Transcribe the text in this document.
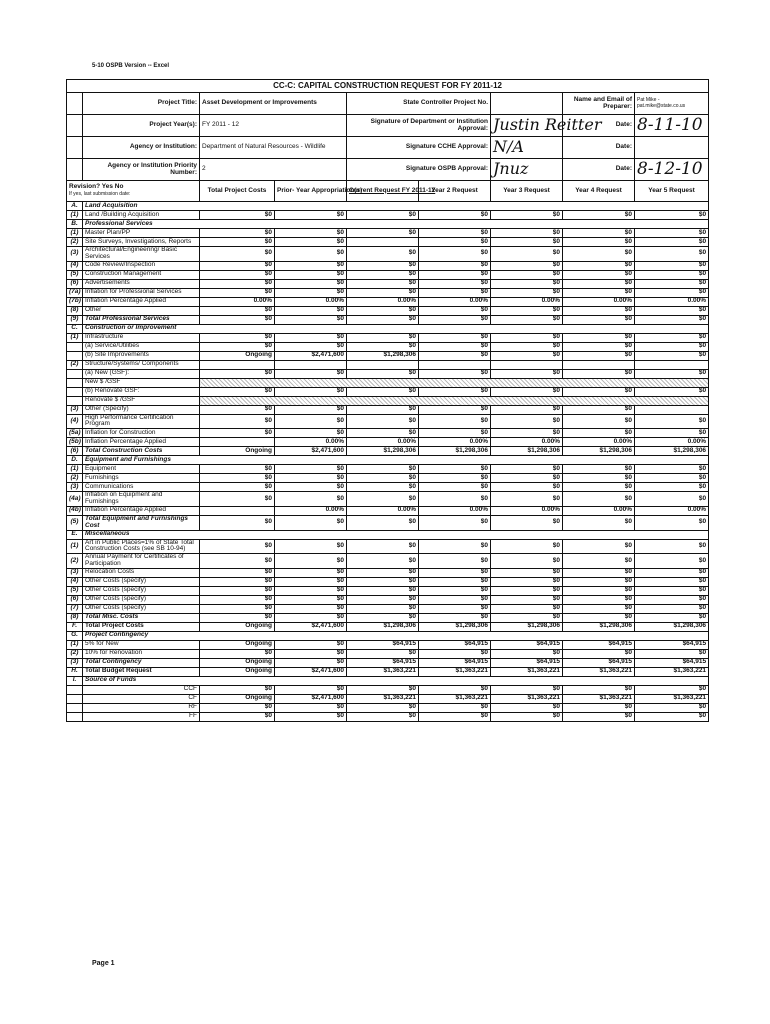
5-10 OSPB Version -- Excel
CC-C: CAPITAL CONSTRUCTION REQUEST FOR FY 2011-12								
	Project Title:	Asset Development or Improvements		State Controller Project No.			Name and Email of Preparer:	Pat Mike - pat.mike@state.co.us
	Project Year(s):	FY 2011 - 12		Signature of Department or Institution Approval:		Justin Reitter	Date:	8-11-10
	Agency or Institution:	Department of Natural Resources - Wildlife		Signature CCHE Approval:		N/A	Date:	
	Agency or Institution Priority Number:	2		Signature OSPB Approval:		Jnuz	Date:	8-12-10
Revision? Yes No
If yes, last submission date:		Total Project Costs	Prior- Year Appropriation(s)	Current Request FY 2011-12	Year 2 Request	Year 3 Request	Year 4 Request	Year 5 Request
A.	Land Acquisition							
(1)	Land /Building Acquisition	$0	$0	$0	$0	$0	$0	$0
B.	Professional Services							
(1)	Master Plan/PP	$0	$0	$0	$0	$0	$0	$0
(2)	Site Surveys, Investigations, Reports	$0	$0		$0	$0	$0	$0
(3)	Architectural/Engineering/ Basic Services	$0	$0	$0	$0	$0	$0	$0
(4)	Code Review/Inspection	$0	$0	$0	$0	$0	$0	$0
(5)	Construction Management	$0	$0	$0	$0	$0	$0	$0
(6)	Advertisements	$0	$0	$0	$0	$0	$0	$0
(7a)	Inflation for Professional Services	$0	$0	$0	$0	$0	$0	$0
(7b)	Inflation Percentage Applied	0.00%	0.00%	0.00%	0.00%	0.00%	0.00%	0.00%
(8)	Other	$0	$0	$0	$0	$0	$0	$0
(9)	Total Professional Services	$0	$0	$0	$0	$0	$0	$0
C.	Construction or Improvement							
(1)	Infrastructure	$0	$0	$0	$0	$0	$0	$0
	(a) Service/Utilities	$0	$0	$0	$0	$0	$0	$0
	(b) Site Improvements	Ongoing	$2,471,600	$1,298,306	$0	$0	$0	$0
(2)	Structure/Systems/ Components							
	(a) New (GSF):	$0	$0	$0	$0	$0	$0	$0
	New $ /GSF							
	(b) Renovate GSF:	$0	$0	$0	$0	$0	$0	$0
	Renovate $ /GSF							
(3)	Other (Specify)	$0	$0	$0	$0	$0	$0	
(4)	High Performance Certification Program	$0	$0	$0	$0	$0	$0	$0
(5a)	Inflation for Construction	$0	$0	$0	$0	$0	$0	$0
(5b)	Inflation Percentage Applied		0.00%	0.00%	0.00%	0.00%	0.00%	0.00%
(6)	Total Construction Costs	Ongoing	$2,471,600	$1,298,306	$1,298,306	$1,298,306	$1,298,306	$1,298,306
D.	Equipment and Furnishings							
(1)	Equipment	$0	$0	$0	$0	$0	$0	$0
(2)	Furnishings	$0	$0	$0	$0	$0	$0	$0
(3)	Communications	$0	$0	$0	$0	$0	$0	$0
(4a)	Inflation on Equipment and Furnishings	$0	$0	$0	$0	$0	$0	$0
(4b)	Inflation Percentage Applied		0.00%	0.00%	0.00%	0.00%	0.00%	0.00%
(5)	Total Equipment and Furnishings Cost	$0	$0	$0	$0	$0	$0	$0
E.	Miscellaneous							
(1)	Art in Public Places=1% of State Total Construction Costs (see SB 10-94)	$0	$0	$0	$0	$0	$0	$0
(2)	Annual Payment for Certificates of Participation	$0	$0	$0	$0	$0	$0	$0
(3)	Relocation Costs	$0	$0	$0	$0	$0	$0	$0
(4)	Other Costs (specify)	$0	$0	$0	$0	$0	$0	$0
(5)	Other Costs (specify)	$0	$0	$0	$0	$0	$0	$0
(6)	Other Costs (specify)	$0	$0	$0	$0	$0	$0	$0
(7)	Other Costs (specify)	$0	$0	$0	$0	$0	$0	$0
(8)	Total Misc. Costs	$0	$0	$0	$0	$0	$0	$0
F.	Total Project Costs	Ongoing	$2,471,600	$1,298,306	$1,298,306	$1,298,306	$1,298,306	$1,298,306
G.	Project Contingency							
(1)	5% for New	Ongoing	$0	$64,915	$64,915	$64,915	$64,915	$64,915
(2)	10% for Renovation	$0	$0	$0	$0	$0	$0	$0
(3)	Total Contingency	Ongoing	$0	$64,915	$64,915	$64,915	$64,915	$64,915
H.	Total Budget Request	Ongoing	$2,471,600	$1,363,221	$1,363,221	$1,363,221	$1,363,221	$1,363,221
I.	Source of Funds							
	CCF	$0	$0	$0	$0	$0	$0	$0
	CF	Ongoing	$2,471,600	$1,363,221	$1,363,221	$1,363,221	$1,363,221	$1,363,221
	RF	$0	$0	$0	$0	$0	$0	$0
	FF	$0	$0	$0	$0	$0	$0	$0
Page 1
